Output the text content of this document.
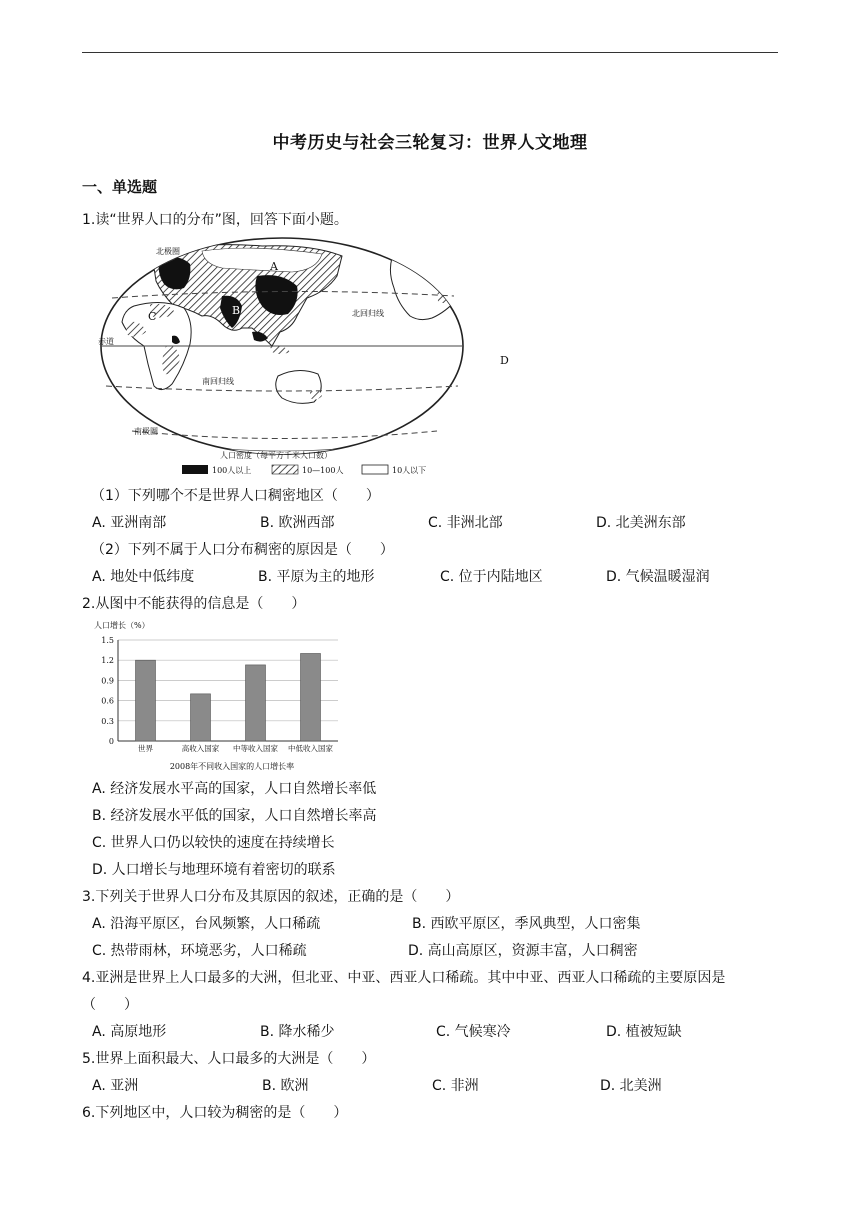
中考历史与社会三轮复习：世界人文地理
一、单选题
1.读“世界人口的分布”图，回答下面小题。
北极圈
北回归线
赤道
南回归线
南极圈
A
B
C
D
人口密度（每平方千米人口数）
100人以上	10—100人	10人以下
（1）下列哪个不是世界人口稠密地区（　　）
A. 亚洲南部	B. 欧洲西部	C. 非洲北部	D. 北美洲东部
（2）下列不属于人口分布稠密的原因是（　　）
A. 地处中低纬度	B. 平原为主的地形	C. 位于内陆地区	D. 气候温暖湿润
2.从图中不能获得的信息是（　　）
人口增长（%）
0
0.3
0.6
0.9
1.2
1.5
世界	高收入国家 中等收入国家 中低收入国家
2008年不同收入国家的人口增长率
A. 经济发展水平高的国家，人口自然增长率低
B. 经济发展水平低的国家，人口自然增长率高
C. 世界人口仍以较快的速度在持续增长
D. 人口增长与地理环境有着密切的联系
3.下列关于世界人口分布及其原因的叙述，正确的是（　　）
A. 沿海平原区，台风频繁，人口稀疏	B. 西欧平原区，季风典型，人口密集
C. 热带雨林，环境恶劣，人口稀疏	D. 高山高原区，资源丰富，人口稠密
4.亚洲是世界上人口最多的大洲，但北亚、中亚、西亚人口稀疏。其中中亚、西亚人口稀疏的主要原因是
（　　）
A. 高原地形	B. 降水稀少	C. 气候寒冷	D. 植被短缺
5.世界上面积最大、人口最多的大洲是（　　）
A. 亚洲	B. 欧洲	C. 非洲	D. 北美洲
6.下列地区中，人口较为稠密的是（　　）
